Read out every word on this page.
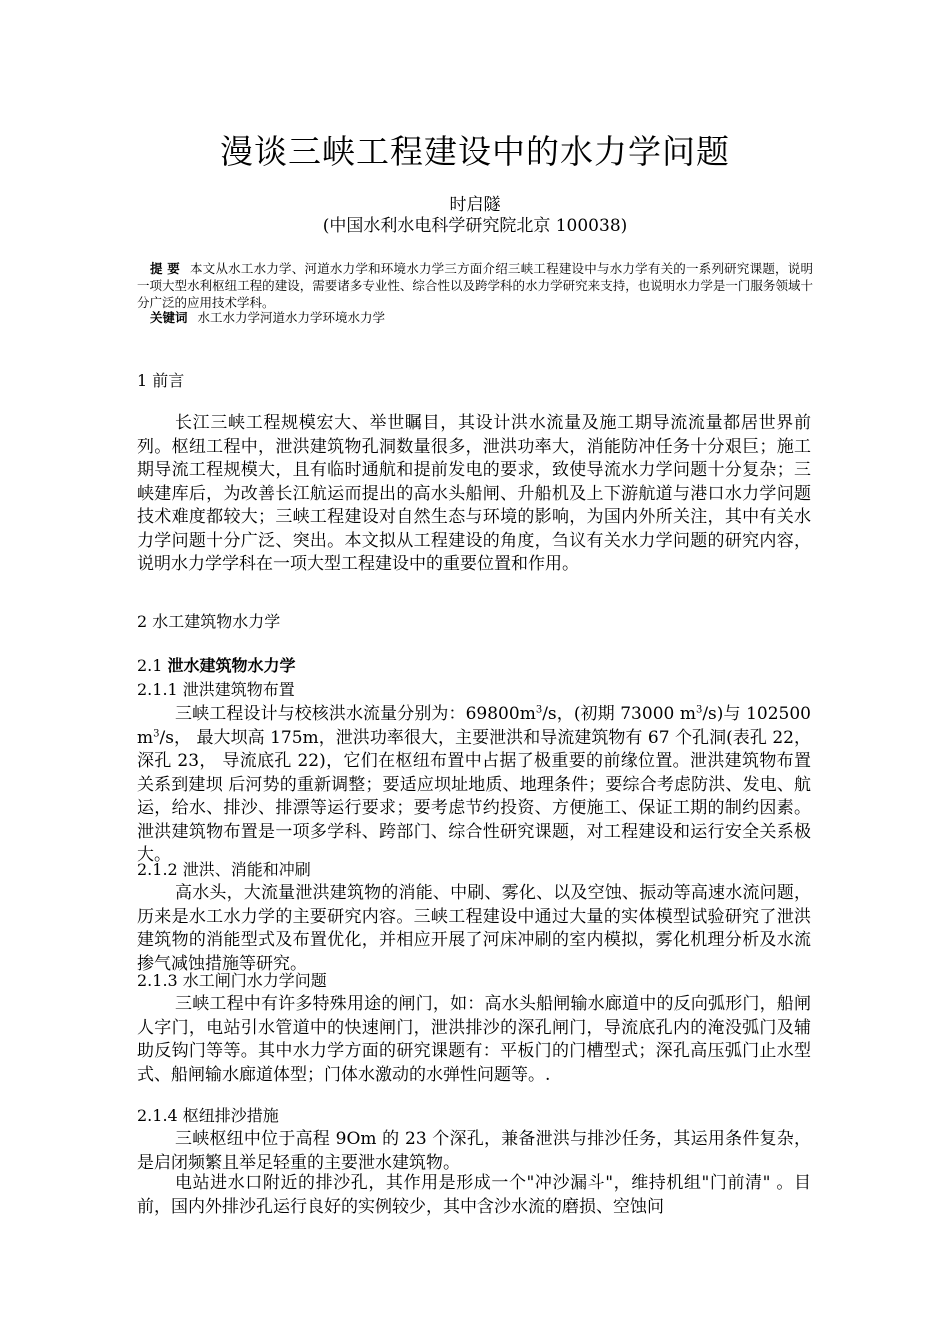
漫谈三峡工程建设中的水力学问题
时启隧
(中国水利水电科学研究院北京 100038)
提 要 本文从水工水力学、河道水力学和环境水力学三方面介绍三峡工程建设中与水力学有关的一系列研究课题，说明一项大型水利枢纽工程的建设，需要诸多专业性、综合性以及跨学科的水力学研究来支持，也说明水力学是一门服务领域十分广泛的应用技术学科。
关键词 水工水力学河道水力学环境水力学
1 前言
长江三峡工程规模宏大、举世瞩目，其设计洪水流量及施工期导流流量都居世界前列。枢纽工程中，泄洪建筑物孔洞数量很多，泄洪功率大，消能防冲任务十分艰巨；施工期导流工程规模大，且有临时通航和提前发电的要求，致使导流水力学问题十分复杂；三峡建库后，为改善长江航运而提出的高水头船闸、升船机及上下游航道与港口水力学问题技术难度都较大；三峡工程建设对自然生态与环境的影响，为国内外所关注，其中有关水力学问题十分广泛、突出。本文拟从工程建设的角度，刍议有关水力学问题的研究内容，说明水力学学科在一项大型工程建设中的重要位置和作用。
2 水工建筑物水力学
2.1 泄水建筑物水力学
2.1.1 泄洪建筑物布置
三峡工程设计与校核洪水流量分别为：$69800m^3/s$，(初期 73000 $m^3/s$)与 102500 $m^3/s$， 最大坝高 175m，泄洪功率很大，主要泄洪和导流建筑物有 67 个孔洞(表孔 22，深孔 23， 导流底孔 22)，它们在枢纽布置中占据了极重要的前缘位置。泄洪建筑物布置关系到建坝 后河势的重新调整；要适应坝址地质、地理条件；要综合考虑防洪、发电、航运，给水、排沙、排漂等运行要求；要考虑节约投资、方便施工、保证工期的制约因素。泄洪建筑物布置是一项多学科、跨部门、综合性研究课题，对工程建设和运行安全关系极大。
2.1.2 泄洪、消能和冲刷
高水头，大流量泄洪建筑物的消能、中刷、雾化、以及空蚀、振动等高速水流问题， 历来是水工水力学的主要研究内容。三峡工程建设中通过大量的实体模型试验研究了泄洪建筑物的消能型式及布置优化，并相应开展了河床冲刷的室内模拟，雾化机理分析及水流掺气减蚀措施等研究。
2.1.3 水工闸门水力学问题
三峡工程中有许多特殊用途的闸门，如：高水头船闸输水廊道中的反向弧形门，船闸人字门，电站引水管道中的快速闸门，泄洪排沙的深孔闸门，导流底孔内的淹没弧门及辅助反钩门等等。其中水力学方面的研究课题有：平板门的门槽型式；深孔高压弧门止水型式、船闸输水廊道体型；门体水激动的水弹性问题等。.
2.1.4 枢纽排沙措施
三峡枢纽中位于高程 9Om 的 23 个深孔，兼备泄洪与排沙任务，其运用条件复杂，是启闭频繁且举足轻重的主要泄水建筑物。
电站进水口附近的排沙孔，其作用是形成一个"冲沙漏斗"，维持机组"门前清" 。目前，国内外排沙孔运行良好的实例较少，其中含沙水流的磨损、空蚀问
